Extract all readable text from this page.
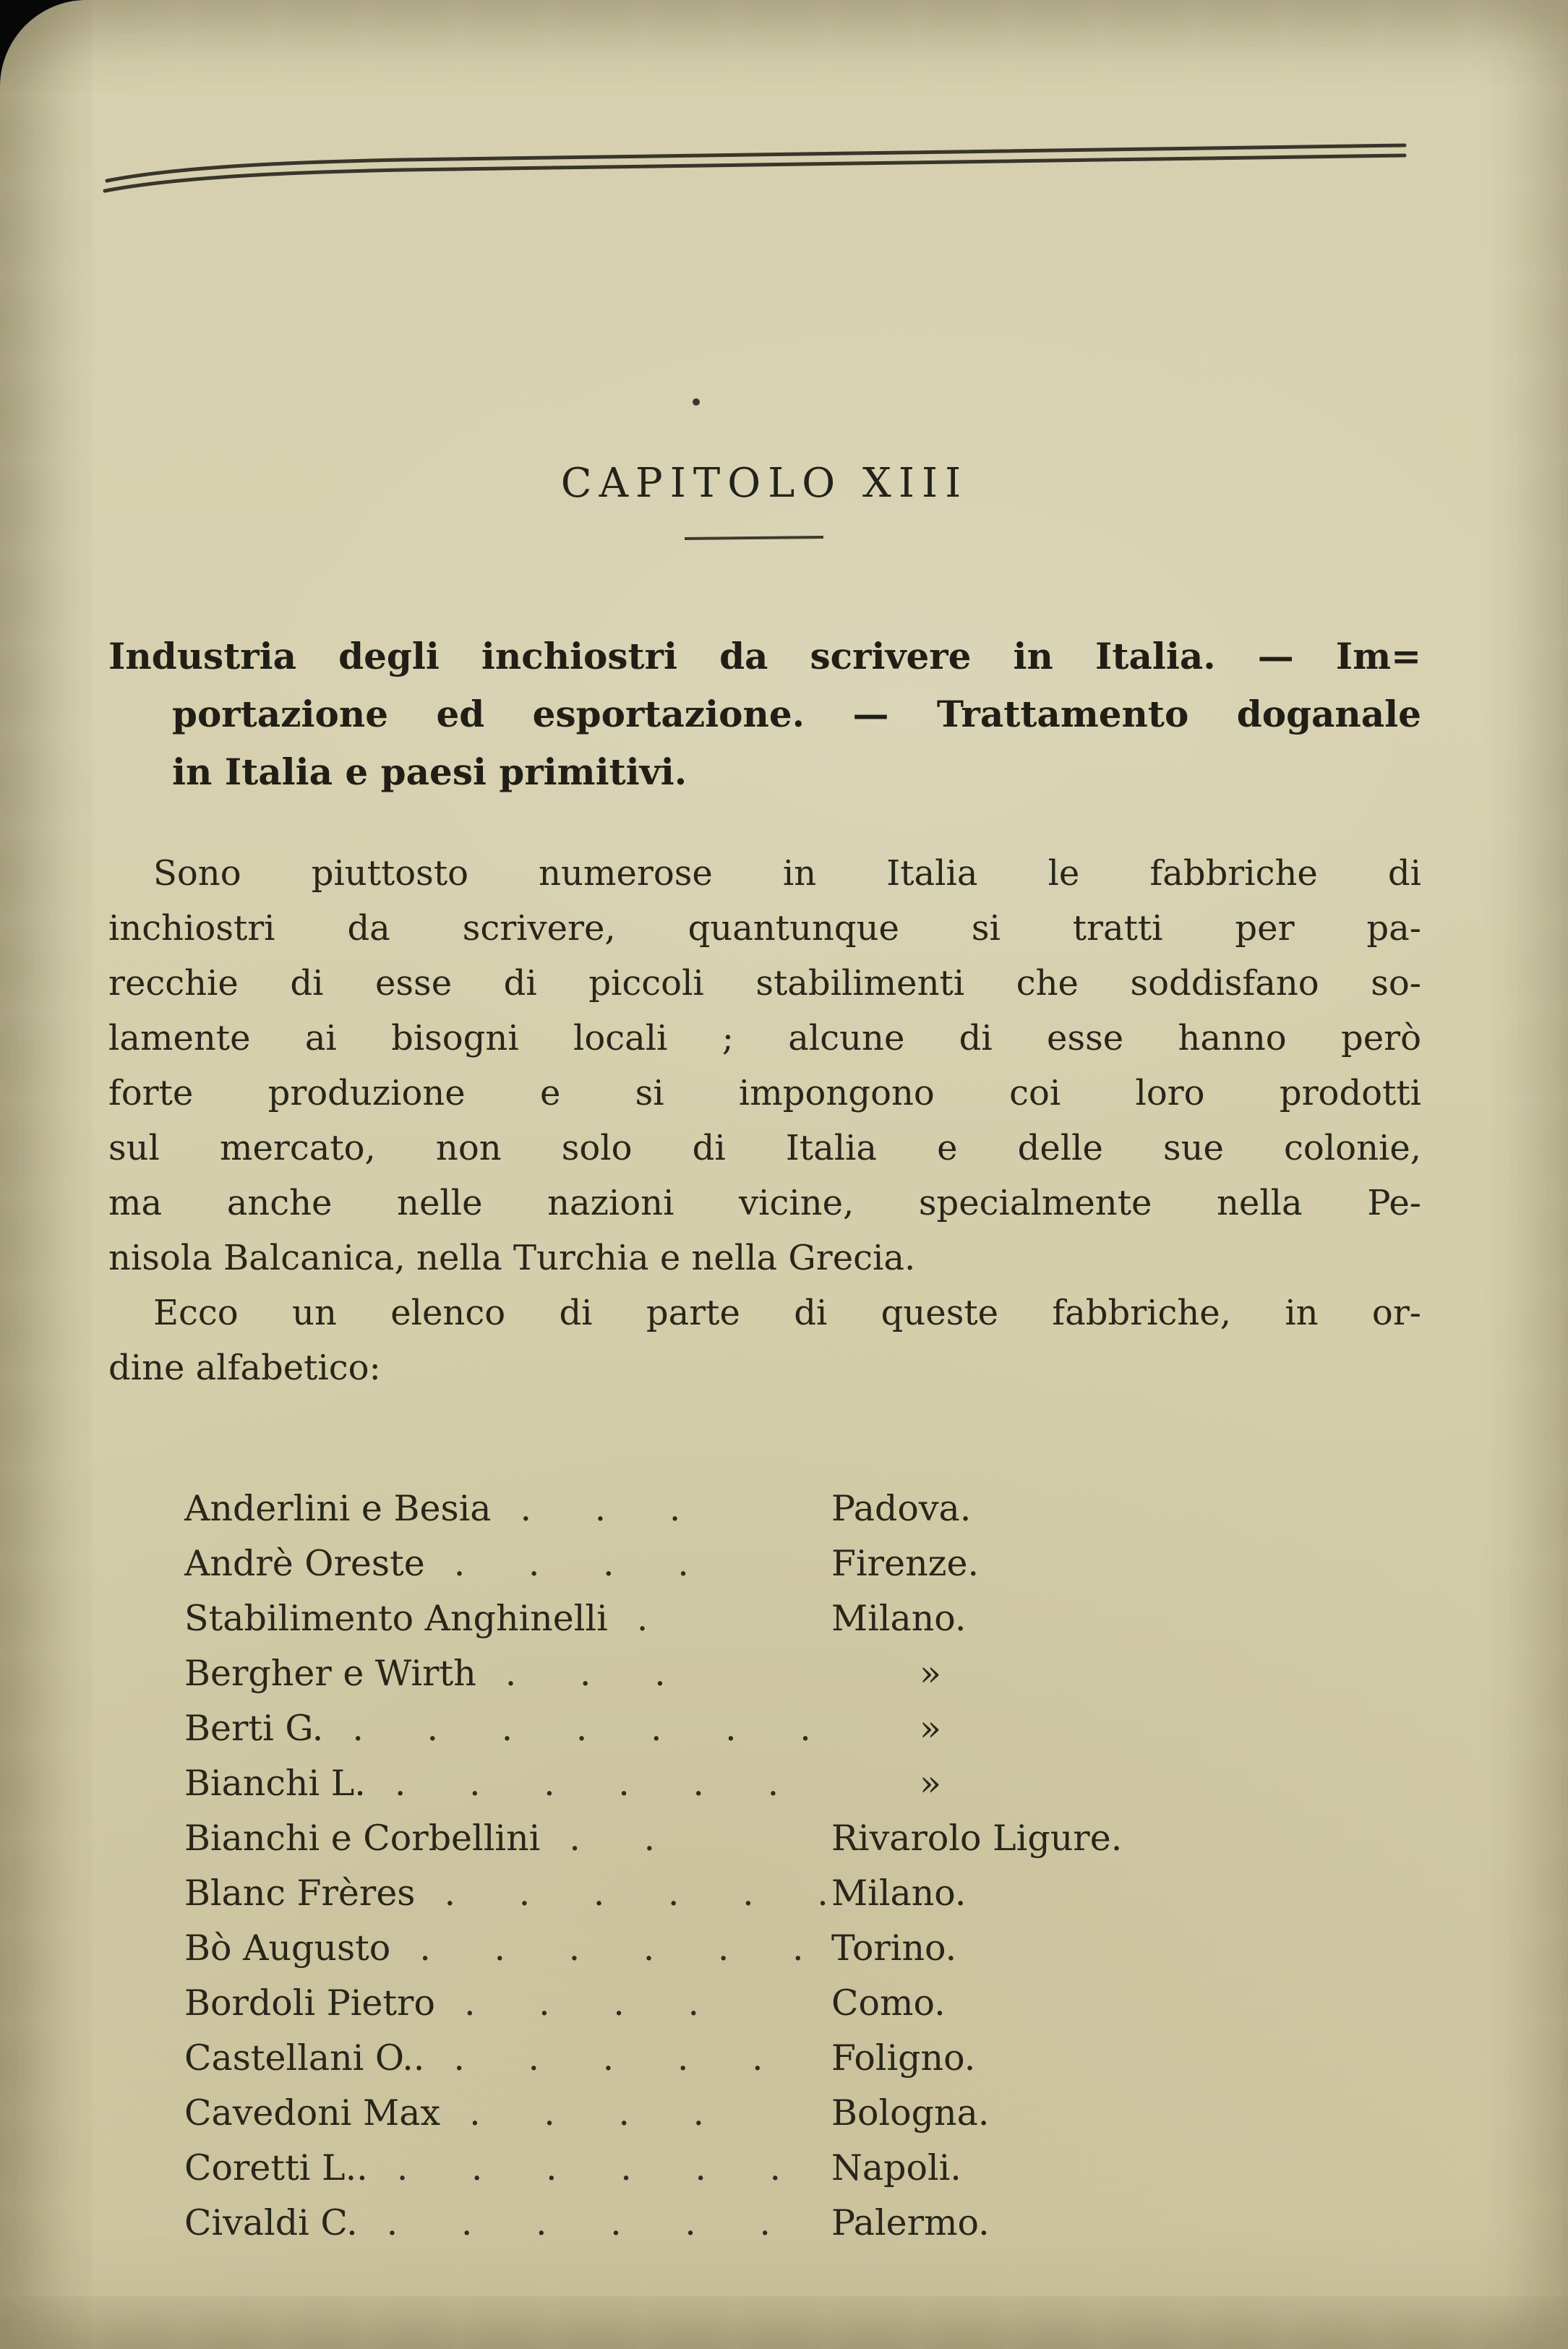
CAPITOLO XIII
Industria degli inchiostri da scrivere in Italia. — Im=
portazione ed esportazione. — Trattamento doganale
in Italia e paesi primitivi.
Sono piuttosto numerose in Italia le fabbriche di
inchiostri da scrivere, quantunque si tratti per pa-
recchie di esse di piccoli stabilimenti che soddisfano so-
lamente ai bisogni locali ; alcune di esse hanno però
forte produzione e si impongono coi loro prodotti
sul mercato, non solo di Italia e delle sue colonie,
ma anche nelle nazioni vicine, specialmente nella Pe-
nisola Balcanica, nella Turchia e nella Grecia.
Ecco un elenco di parte di queste fabbriche, in or-
dine alfabetico:
Anderlini e Besia . . .	Padova.
Andrè Oreste . . . .	Firenze.
Stabilimento Anghinelli .	Milano.
Bergher e Wirth . . .	»
Berti G. . . . . . . .	»
Bianchi L. . . . . . .	»
Bianchi e Corbellini . .	Rivarolo Ligure.
Blanc Frères . . . . . . Milano.
Bò Augusto . . . . . . Torino.
Bordoli Pietro . . . .	Como.
Castellani O.. . . . . . Foligno.
Cavedoni Max . . . .	Bologna.
Coretti L.. . . . . . . Napoli.
Civaldi C. . . . . . . Palermo.
